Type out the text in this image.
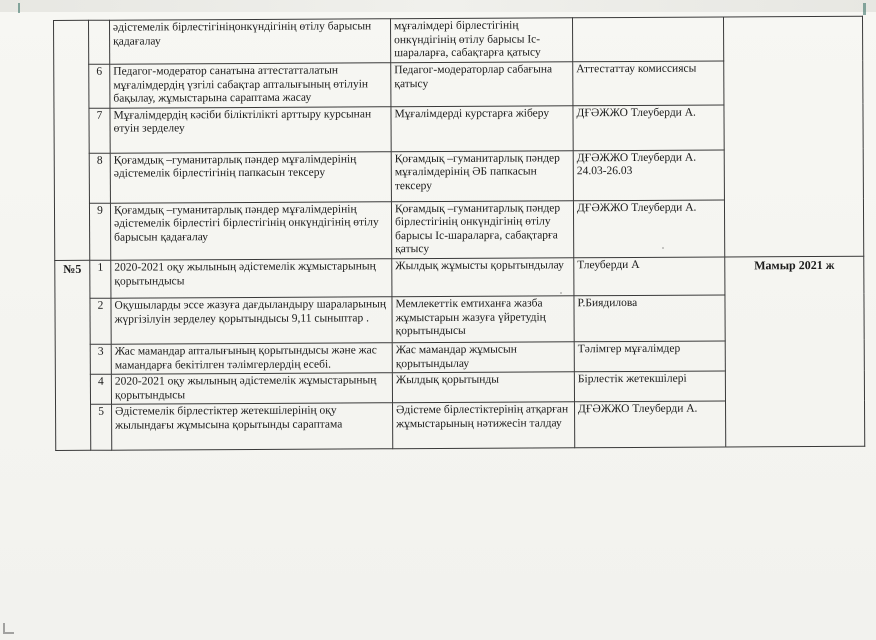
		әдістемелік бірлестігініңонкүндігінің өтілу барысын қадағалау	мұғалімдері бірлестігінің онкүндігінің өтілу барысы Іс-шараларға, сабақтарға қатысу		
	6	Педагог-модератор санатына аттестатталатын мұғалімдердің үзгілі сабақтар апталығының өтілуін бақылау, жұмыстарына сараптама жасау	Педагог-модераторлар сабағына қатысу	Аттестаттау комиссиясы	
	7	Мұғалімдердің кәсіби біліктілікті арттыру курсынан өтуін зерделеу	Мұғалімдерді курстарға жіберу	ДҒӘЖЖО Тлеуберди А.	
	8	Қоғамдық –гуманитарлық пәндер мұғалімдерінің әдістемелік бірлестігінің папкасын тексеру	Қоғамдық –гуманитарлық пәндер мұғалімдерінің ӘБ папкасын тексеру	ДҒӘЖЖО Тлеуберди А. 24.03-26.03	
	9	Қоғамдық –гуманитарлық пәндер мұғалімдерінің әдістемелік бірлестігі бірлестігінің онкүндігінің өтілу барысын қадағалау	Қоғамдық –гуманитарлық пәндер бірлестігінің онкүндігінің өтілу барысы Іс-шараларға, сабақтарға қатысу	ДҒӘЖЖО Тлеуберди А.	
№5	1	2020-2021 оқу жылының әдістемелік жұмыстарының қорытындысы	Жылдық жұмысты қорытындылау	Тлеуберди А	Мамыр 2021 ж
	2	Оқушыларды эссе жазуға дағдыландыру шараларының жүргізілуін зерделеу қорытындысы 9,11 сыныптар .	Мемлекеттік емтиханға жазба жұмыстарын жазуға үйретудің қорытындысы	Р.Биядилова	
	3	Жас мамандар апталығының қорытындысы және жас мамандарға бекітілген тәлімгерлердің есебі.	Жас мамандар жұмысын қорытындылау	Тәлімгер мұғалімдер	
	4	2020-2021 оқу жылының әдістемелік жұмыстарының қорытындысы	Жылдық қорытынды	Бірлестік жетекшілері	
	5	Әдістемелік бірлестіктер жетекшілерінің оқу жылындағы жұмысына қорытынды сараптама	Әдістеме бірлестіктерінің атқарған жұмыстарының нәтижесін талдау	ДҒӘЖЖО Тлеуберди А.	
